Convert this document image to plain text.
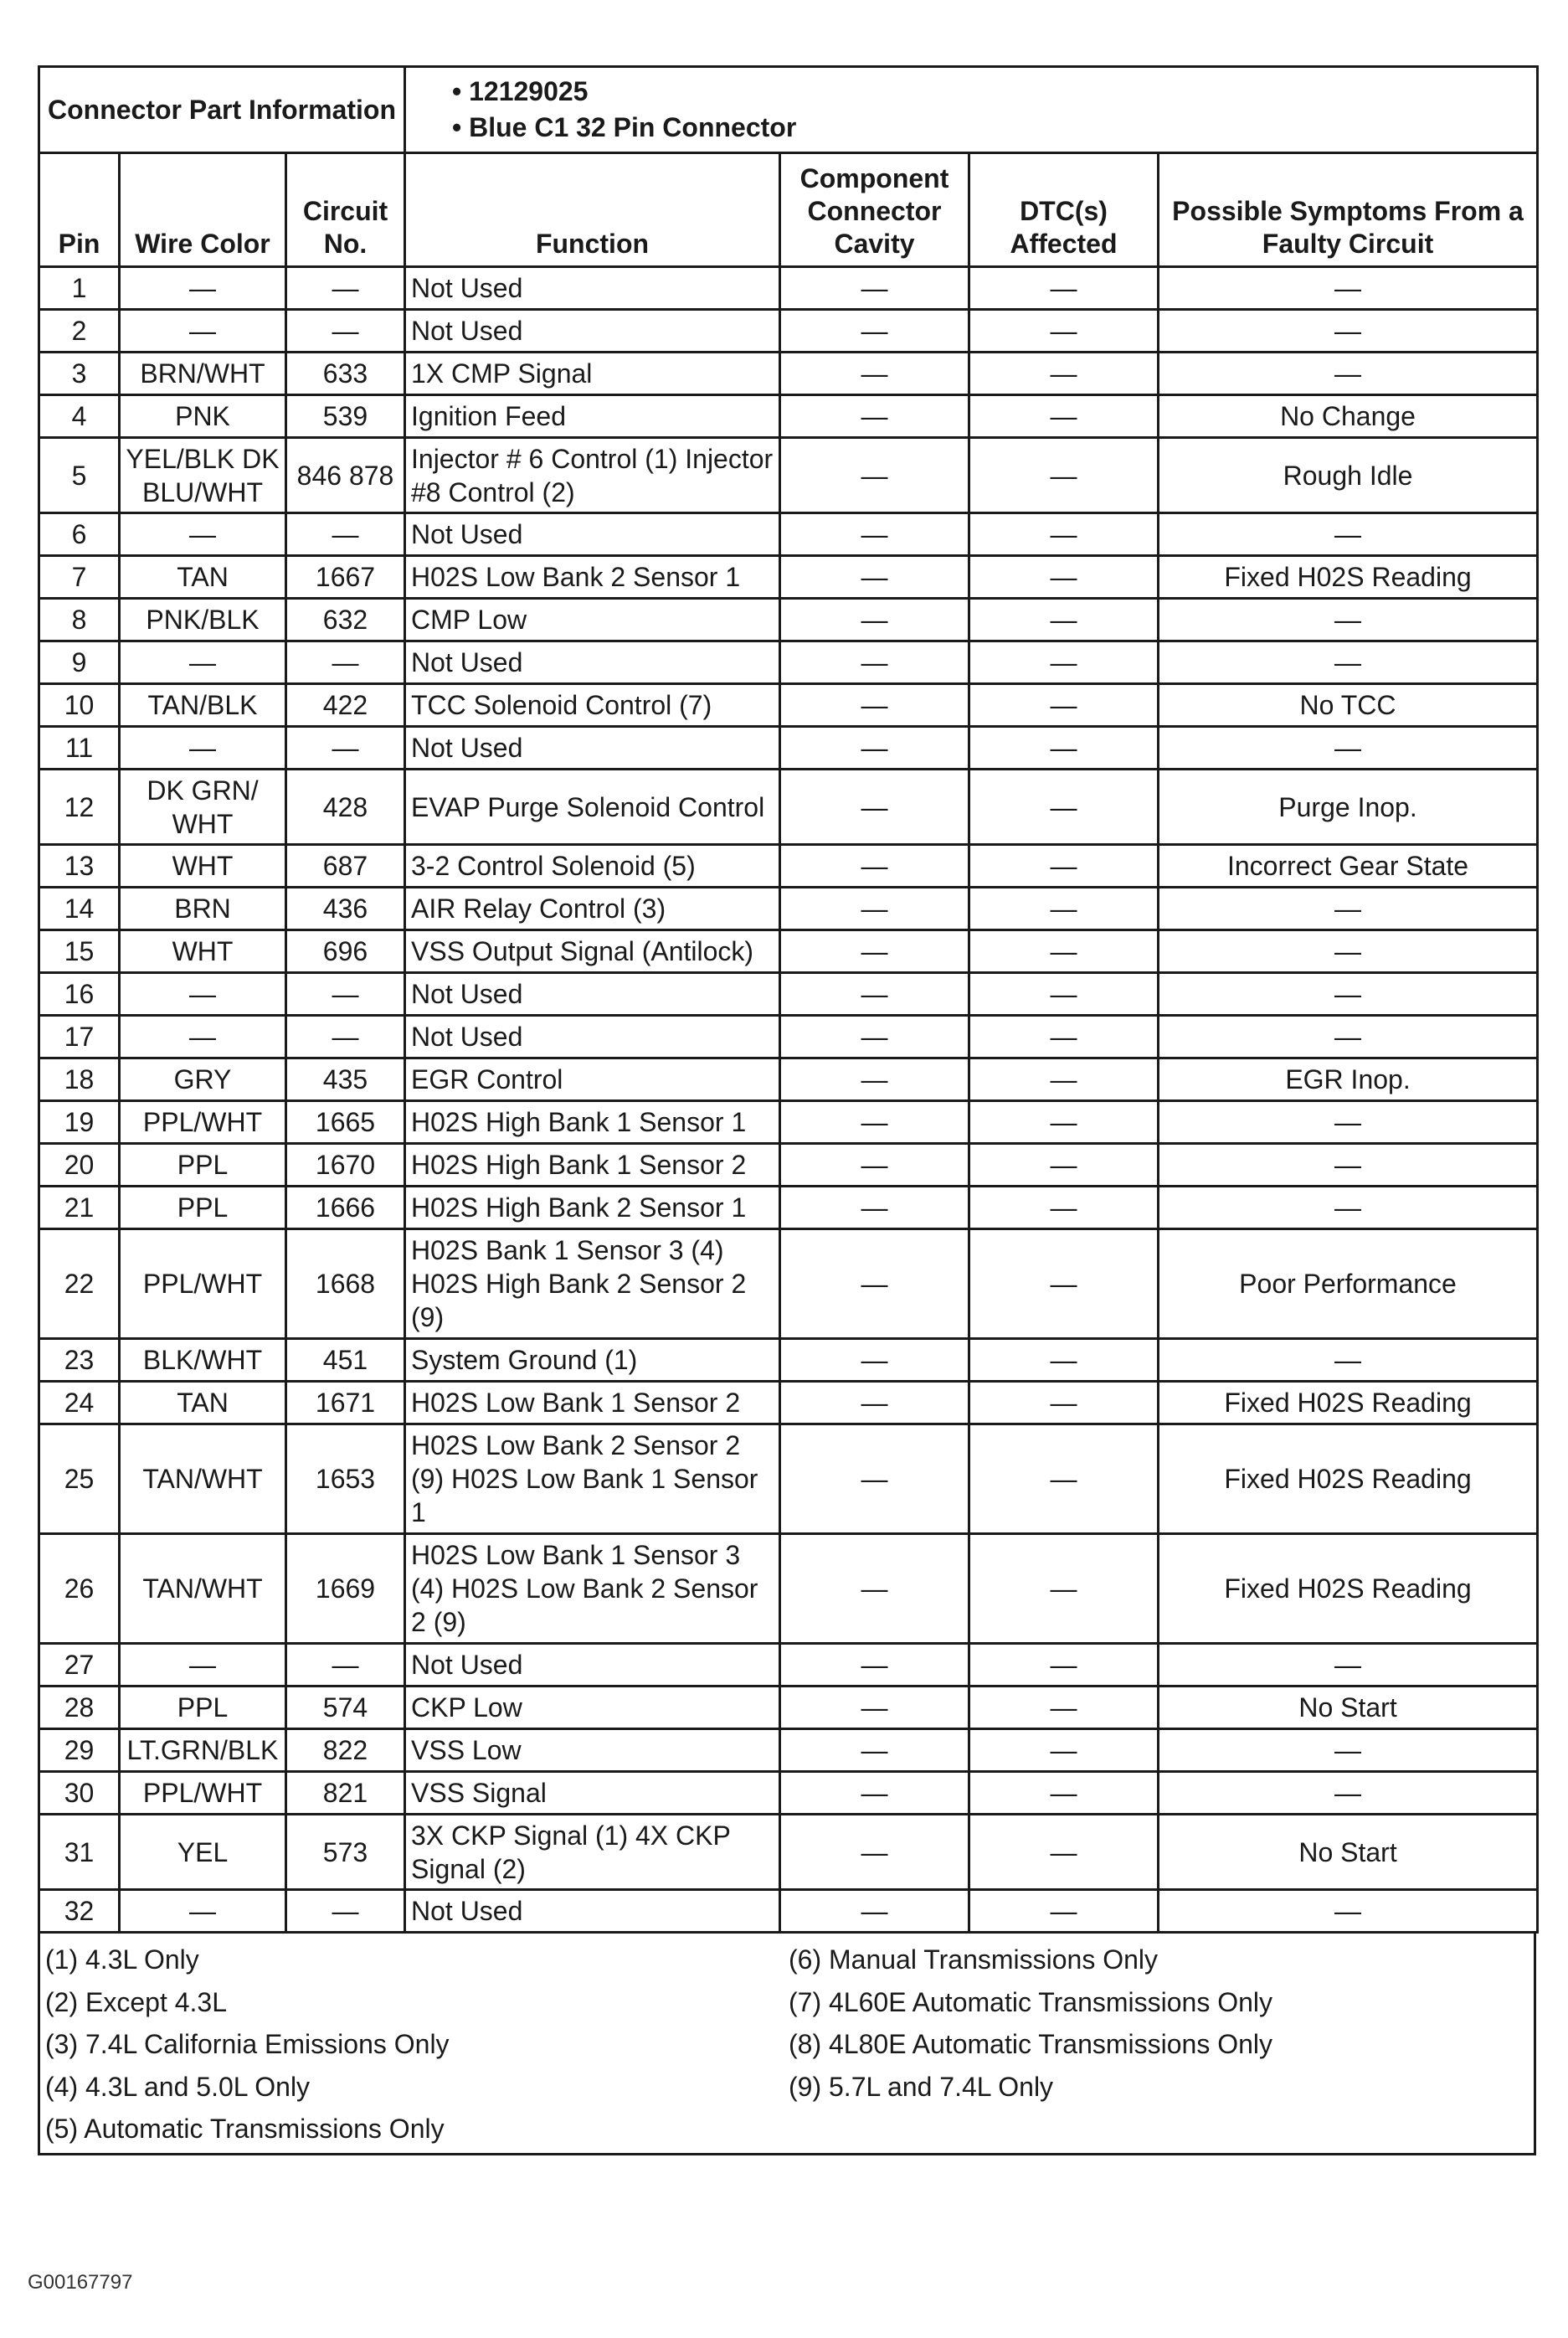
Connector Part Information			• 12129025
• Blue C1 32 Pin Connector			

Pin	Wire Color	Circuit No.	Function	Component Connector Cavity	DTC(s) Affected	Possible Symptoms From a Faulty Circuit
1	—	—	Not Used	—	—	—
2	—	—	Not Used	—	—	—
3	BRN/WHT	633	1X CMP Signal	—	—	—
4	PNK	539	Ignition Feed	—	—	No Change
5	YEL/BLK DK BLU/WHT	846 878	Injector # 6 Control (1) Injector #8 Control (2)	—	—	Rough Idle
6	—	—	Not Used	—	—	—
7	TAN	1667	H02S Low Bank 2 Sensor 1	—	—	Fixed H02S Reading
8	PNK/BLK	632	CMP Low	—	—	—
9	—	—	Not Used	—	—	—
10	TAN/BLK	422	TCC Solenoid Control (7)	—	—	No TCC
11	—	—	Not Used	—	—	—
12	DK GRN/ WHT	428	EVAP Purge Solenoid Control	—	—	Purge Inop.
13	WHT	687	3-2 Control Solenoid (5)	—	—	Incorrect Gear State
14	BRN	436	AIR Relay Control (3)	—	—	—
15	WHT	696	VSS Output Signal (Antilock)	—	—	—
16	—	—	Not Used	—	—	—
17	—	—	Not Used	—	—	—
18	GRY	435	EGR Control	—	—	EGR Inop.
19	PPL/WHT	1665	H02S High Bank 1 Sensor 1	—	—	—
20	PPL	1670	H02S High Bank 1 Sensor 2	—	—	—
21	PPL	1666	H02S High Bank 2 Sensor 1	—	—	—
22	PPL/WHT	1668	H02S Bank 1 Sensor 3 (4) H02S High Bank 2 Sensor 2 (9)	—	—	Poor Performance
23	BLK/WHT	451	System Ground (1)	—	—	—
24	TAN	1671	H02S Low Bank 1 Sensor 2	—	—	Fixed H02S Reading
25	TAN/WHT	1653	H02S Low Bank 2 Sensor 2 (9) H02S Low Bank 1 Sensor 1	—	—	Fixed H02S Reading
26	TAN/WHT	1669	H02S Low Bank 1 Sensor 3 (4) H02S Low Bank 2 Sensor 2 (9)	—	—	Fixed H02S Reading
27	—	—	Not Used	—	—	—
28	PPL	574	CKP Low	—	—	No Start
29	LT.GRN/BLK	822	VSS Low	—	—	—
30	PPL/WHT	821	VSS Signal	—	—	—
31	YEL	573	3X CKP Signal (1) 4X CKP Signal (2)	—	—	No Start
32	—	—	Not Used	—	—	—
(1) 4.3L Only
(2) Except 4.3L
(3) 7.4L California Emissions Only
(4) 4.3L and 5.0L Only
(5) Automatic Transmissions Only
(6) Manual Transmissions Only
(7) 4L60E Automatic Transmissions Only
(8) 4L80E Automatic Transmissions Only
(9) 5.7L and 7.4L Only
G00167797
